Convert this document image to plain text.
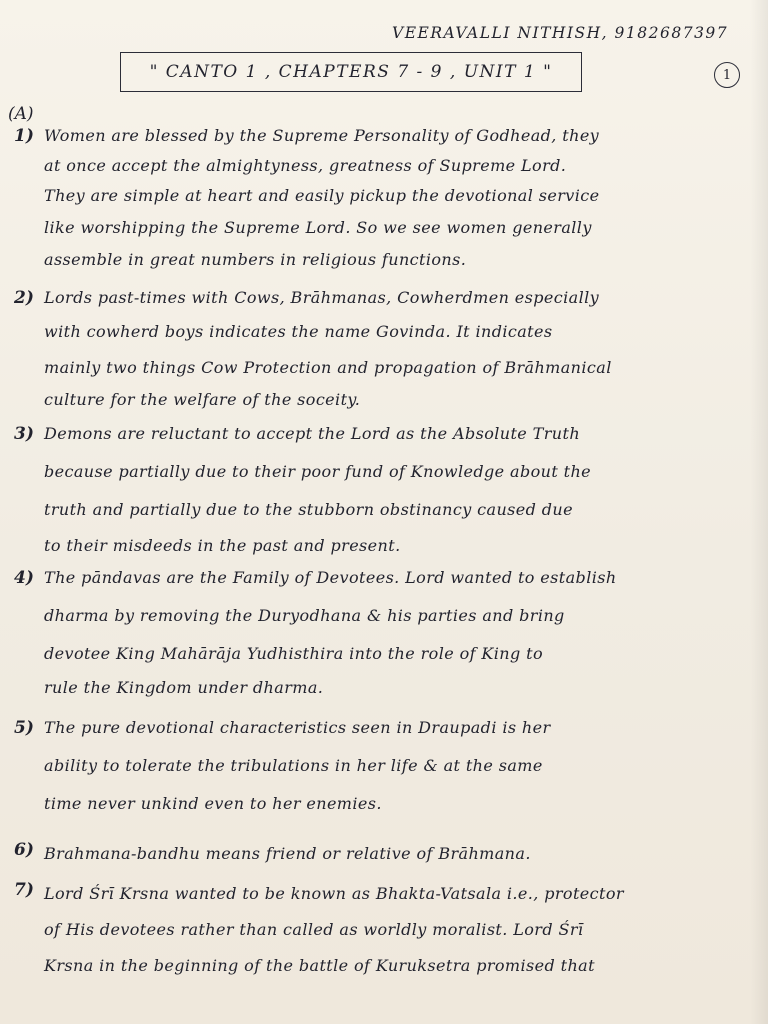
VEERAVALLI NITHISH, 9182687397
" CANTO 1 , CHAPTERS 7 - 9 , UNIT 1 "	1
(A)
1) Women are blessed by the Supreme Personality of Godhead, they
at once accept the almightyness, greatness of Supreme Lord.
They are simple at heart and easily pickup the devotional service
like worshipping the Supreme Lord. So we see women generally
assemble in great numbers in religious functions.
2) Lords past-times with Cows, Brāhmanas, Cowherdmen especially
with cowherd boys indicates the name Govinda. It indicates
mainly two things Cow Protection and propagation of Brāhmanical
culture for the welfare of the soceity.
3) Demons are reluctant to accept the Lord as the Absolute Truth
because partially due to their poor fund of Knowledge about the
truth and partially due to the stubborn obstinancy caused due
to their misdeeds in the past and present.
4) The pāndavas are the Family of Devotees. Lord wanted to establish
dharma by removing the Duryodhana & his parties and bring
devotee King Mahārāja Yudhisthira into the role of King to
rule the Kingdom under dharma.
5) The pure devotional characteristics seen in Draupadi is her
ability to tolerate the tribulations in her life & at the same
time never unkind even to her enemies.
6) Brahmana-bandhu means friend or relative of Brāhmana.
7) Lord Śrī Krsna wanted to be known as Bhakta-Vatsala i.e., protector
of His devotees rather than called as worldly moralist. Lord Śrī
Krsna in the beginning of the battle of Kuruksetra promised that
